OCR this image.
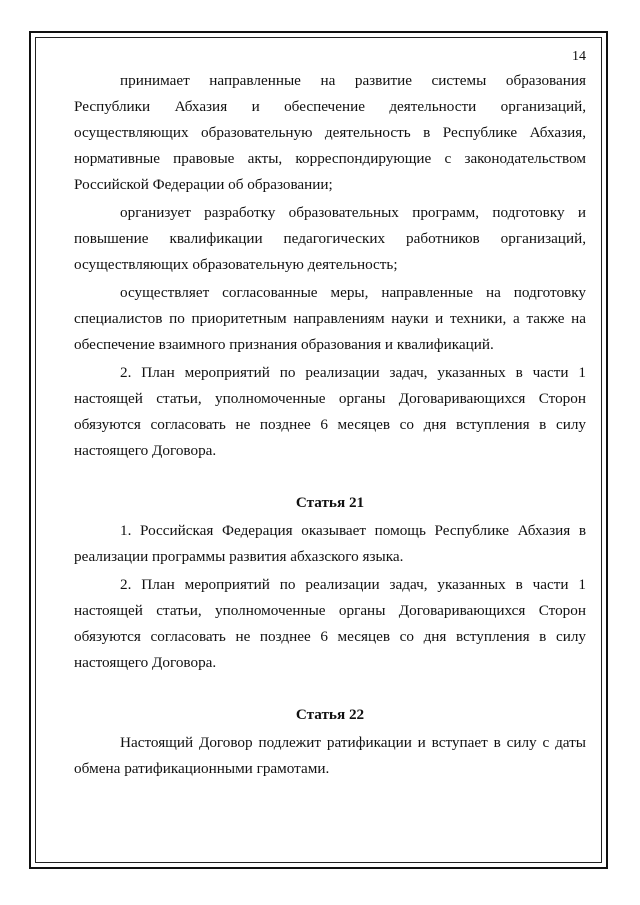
14

принимает направленные на развитие системы образования Республики Абхазия и обеспечение деятельности организаций, осуществляющих образовательную деятельность в Республике Абхазия, нормативные правовые акты, корреспондирующие с законодательством Российской Федерации об образовании;

организует разработку образовательных программ, подготовку и повышение квалификации педагогических работников организаций, осуществляющих образовательную деятельность;

осуществляет согласованные меры, направленные на подготовку специалистов по приоритетным направлениям науки и техники, а также на обеспечение взаимного признания образования и квалификаций.

2. План мероприятий по реализации задач, указанных в части 1 настоящей статьи, уполномоченные органы Договаривающихся Сторон обязуются согласовать не позднее 6 месяцев со дня вступления в силу настоящего Договора.

Статья 21

1. Российская Федерация оказывает помощь Республике Абхазия в реализации программы развития абхазского языка.

2. План мероприятий по реализации задач, указанных в части 1 настоящей статьи, уполномоченные органы Договаривающихся Сторон обязуются согласовать не позднее 6 месяцев со дня вступления в силу настоящего Договора.

Статья 22

Настоящий Договор подлежит ратификации и вступает в силу с даты обмена ратификационными грамотами.
